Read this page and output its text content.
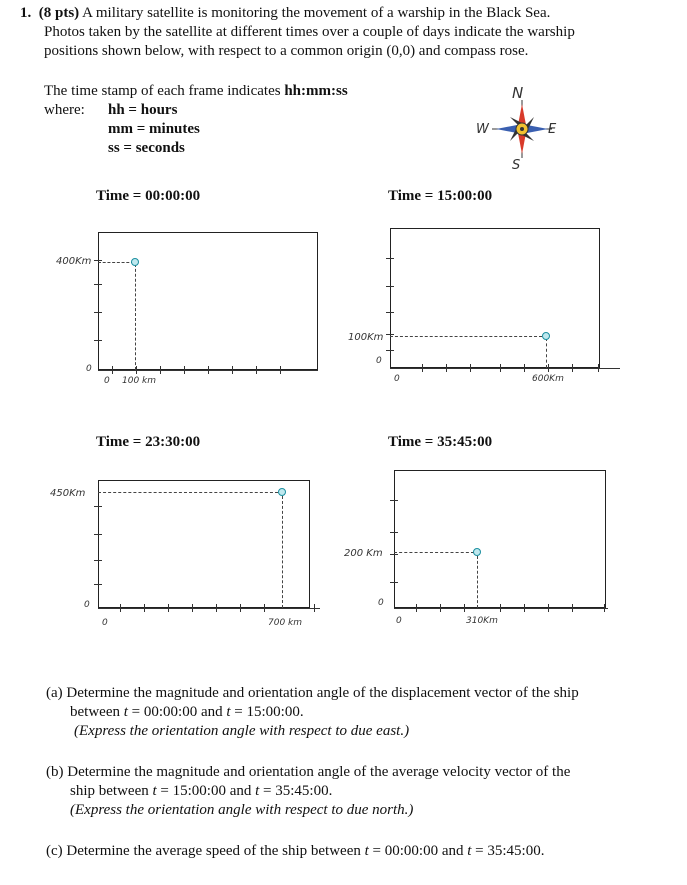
1. (8 pts) A military satellite is monitoring the movement of a warship in the Black Sea.
Photos taken by the satellite at different times over a couple of days indicate the warship
positions shown below, with respect to a common origin (0,0) and compass rose.
The time stamp of each frame indicates hh:mm:ss
where: hh = hours
mm = minutes
ss = seconds
N
S
W	E
Time = 00:00:00
400Km
100 km
0
0
Time = 15:00:00
100Km
600Km
0
0
Time = 23:30:00
450Km
700 km
0
0
Time = 35:45:00
200 Km
310Km
0
0
(a) Determine the magnitude and orientation angle of the displacement vector of the ship
between t = 00:00:00 and t = 15:00:00.
(Express the orientation angle with respect to due east.)
(b) Determine the magnitude and orientation angle of the average velocity vector of the
ship between t = 15:00:00 and t = 35:45:00.
(Express the orientation angle with respect to due north.)
(c) Determine the average speed of the ship between t = 00:00:00 and t = 35:45:00.
